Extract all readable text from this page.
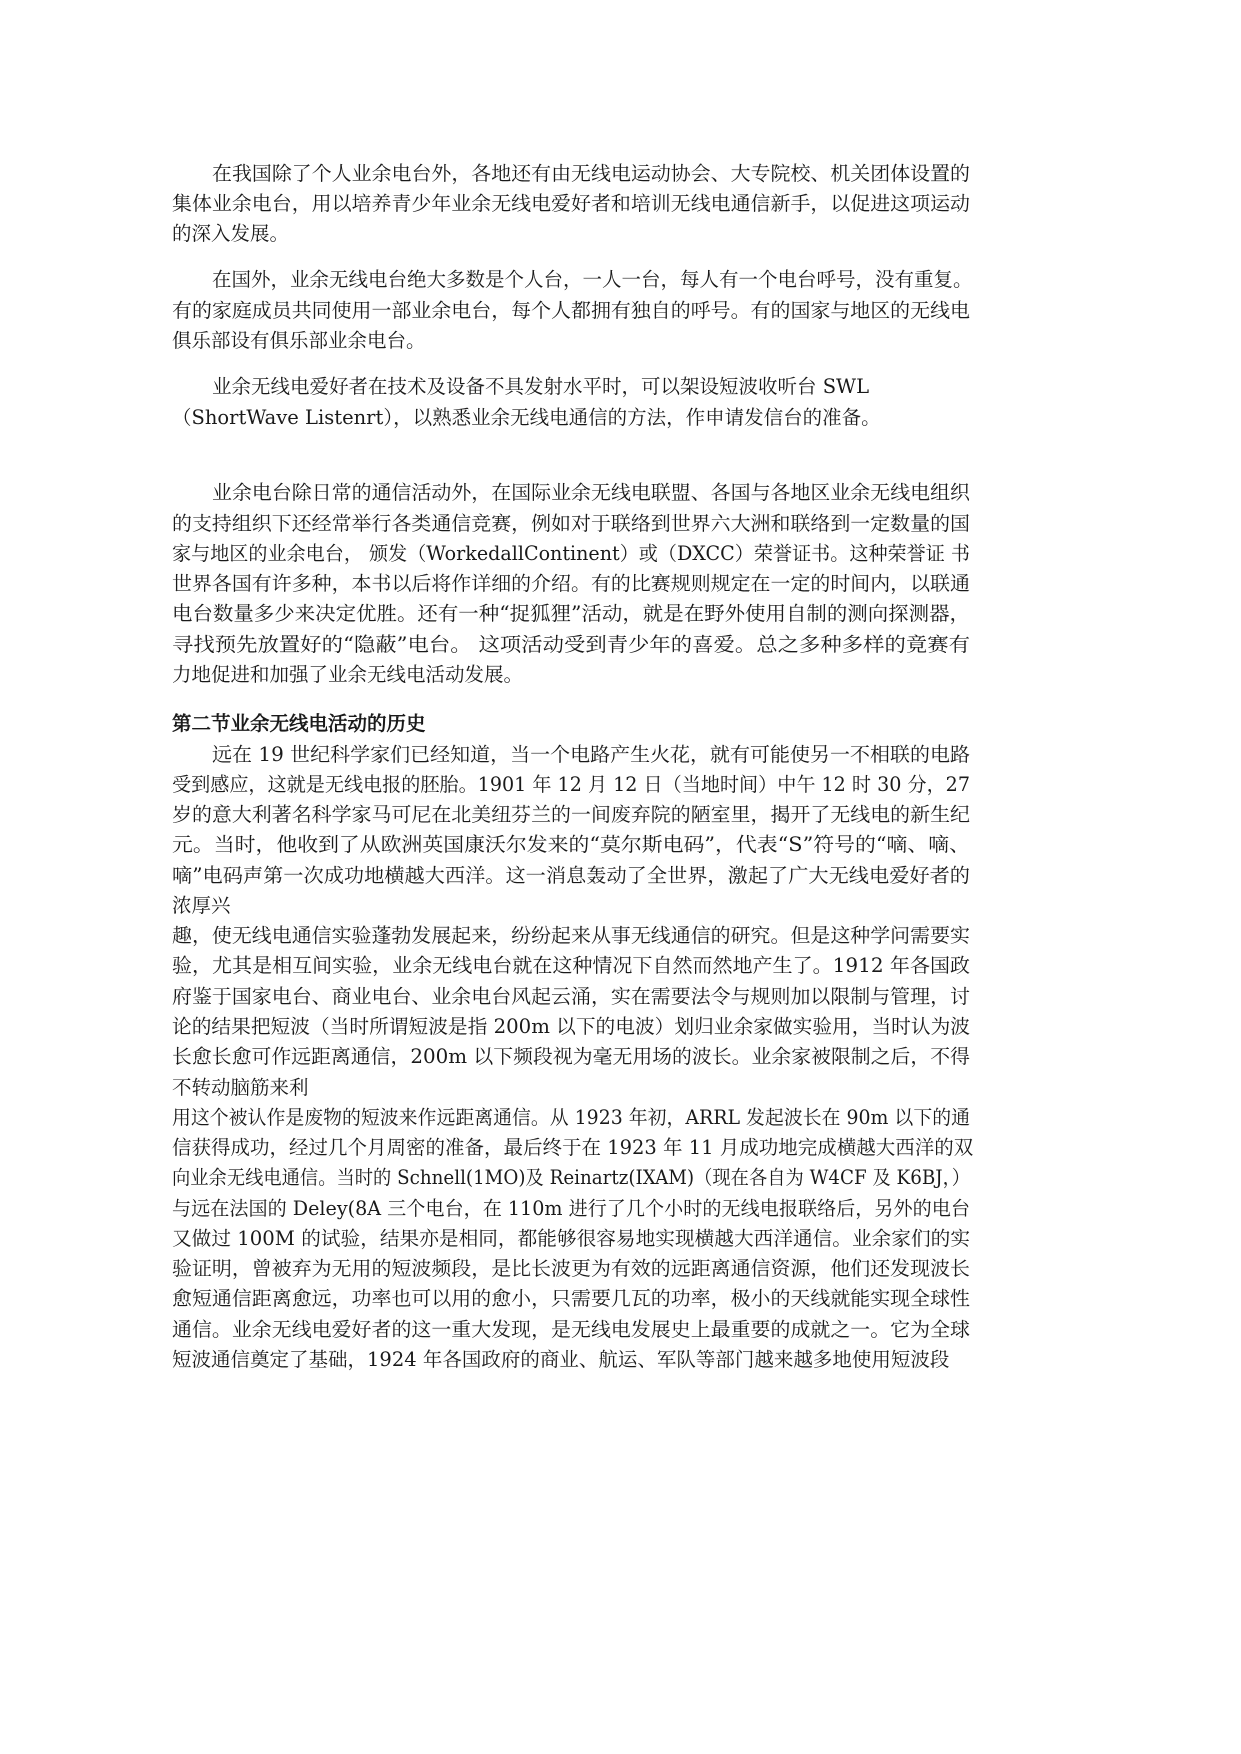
在我国除了个人业余电台外，各地还有由无线电运动协会、大专院校、机关团体设置的
集体业余电台，用以培养青少年业余无线电爱好者和培训无线电通信新手，以促进这项运动
的深入发展。
在国外，业余无线电台绝大多数是个人台，一人一台，每人有一个电台呼号，没有重复。
有的家庭成员共同使用一部业余电台，每个人都拥有独自的呼号。有的国家与地区的无线电
俱乐部设有俱乐部业余电台。
业余无线电爱好者在技术及设备不具发射水平时，可以架设短波收听台 SWL
（ShortWave Listenrt），以熟悉业余无线电通信的方法，作申请发信台的准备。
业余电台除日常的通信活动外，在国际业余无线电联盟、各国与各地区业余无线电组织
的支持组织下还经常举行各类通信竞赛，例如对于联络到世界六大洲和联络到一定数量的国
家与地区的业余电台， 颁发（WorkedallContinent）或（DXCC）荣誉证书。这种荣誉证 书
世界各国有许多种，本书以后将作详细的介绍。有的比赛规则规定在一定的时间内，以联通
电台数量多少来决定优胜。还有一种“捉狐狸”活动，就是在野外使用自制的测向探测器，
寻找预先放置好的“隐蔽”电台。 这项活动受到青少年的喜爱。总之多种多样的竟赛有
力地促进和加强了业余无线电活动发展。
第二节业余无线电活动的历史
远在 19 世纪科学家们已经知道，当一个电路产生火花，就有可能使另一不相联的电路
受到感应，这就是无线电报的胚胎。1901 年 12 月 12 日（当地时间）中午 12 时 30 分，27
岁的意大利著名科学家马可尼在北美纽芬兰的一间废弃院的陋室里，揭开了无线电的新生纪
元。当时，他收到了从欧洲英国康沃尔发来的“莫尔斯电码”，代表“S”符号的“嘀、嘀、
嘀”电码声第一次成功地横越大西洋。这一消息轰动了全世界，激起了广大无线电爱好者的
浓厚兴
趣，使无线电通信实验蓬勃发展起来，纷纷起来从事无线通信的研究。但是这种学问需要实
验，尤其是相互间实验，业余无线电台就在这种情况下自然而然地产生了。1912 年各国政
府鉴于国家电台、商业电台、业余电台风起云涌，实在需要法令与规则加以限制与管理，讨
论的结果把短波（当时所谓短波是指 200m 以下的电波）划归业余家做实验用，当时认为波
长愈长愈可作远距离通信，200m 以下频段视为毫无用场的波长。业余家被限制之后，不得
不转动脑筋来利
用这个被认作是废物的短波来作远距离通信。从 1923 年初，ARRL 发起波长在 90m 以下的通
信获得成功，经过几个月周密的准备，最后终于在 1923 年 11 月成功地完成横越大西洋的双
向业余无线电通信。当时的 Schnell(1MO)及 Reinartz(IXAM)（现在各自为 W4CF 及 K6BJ，）
与远在法国的 Deley(8A 三个电台，在 110m 进行了几个小时的无线电报联络后，另外的电台
又做过 100M 的试验，结果亦是相同，都能够很容易地实现横越大西洋通信。业余家们的实
验证明，曾被弃为无用的短波频段，是比长波更为有效的远距离通信资源，他们还发现波长
愈短通信距离愈远，功率也可以用的愈小，只需要几瓦的功率，极小的天线就能实现全球性
通信。业余无线电爱好者的这一重大发现，是无线电发展史上最重要的成就之一。它为全球
短波通信奠定了基础，1924 年各国政府的商业、航运、军队等部门越来越多地使用短波段
